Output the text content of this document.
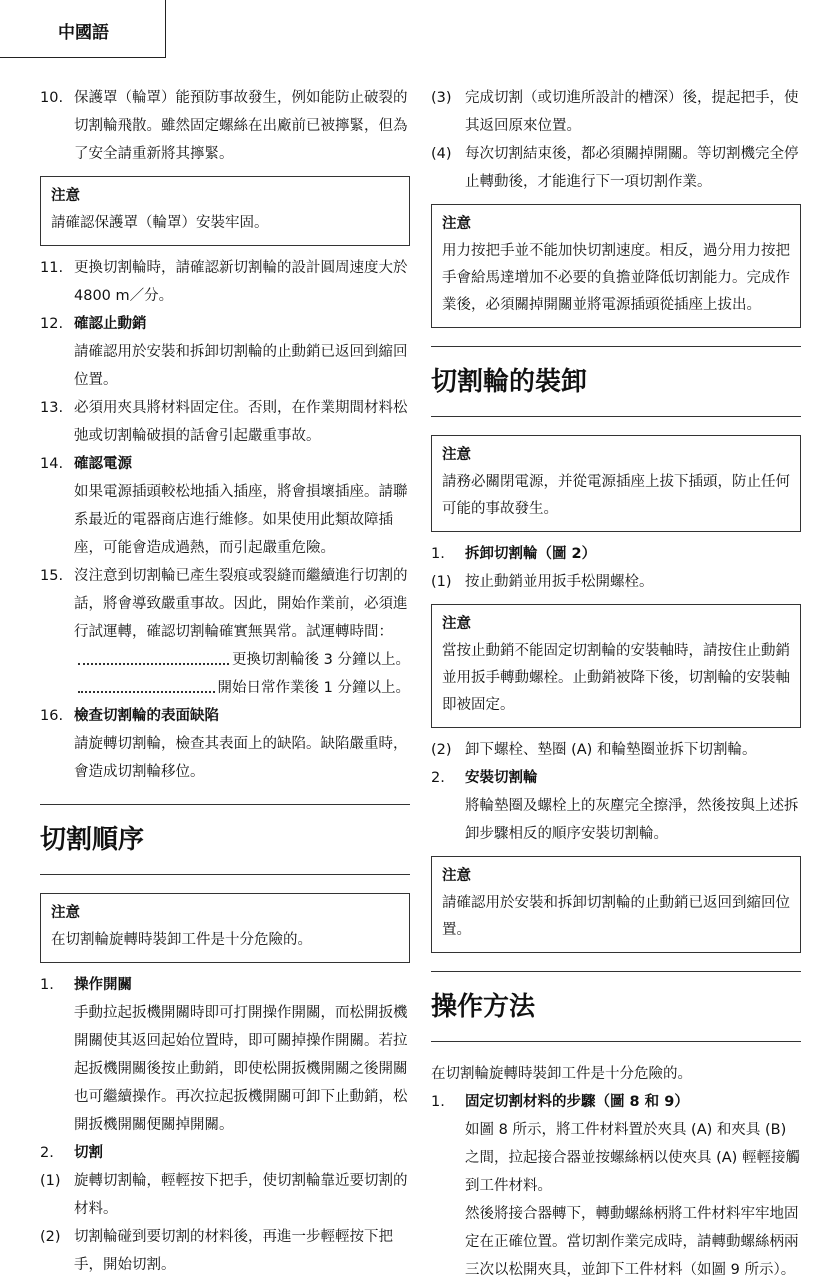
中國語
10. 保護罩（輪罩）能預防事故發生，例如能防止破裂的切割輪飛散。雖然固定螺絲在出廠前已被擰緊，但為了安全請重新將其擰緊。
注意
請確認保護罩（輪罩）安裝牢固。
11. 更換切割輪時，請確認新切割輪的設計圓周速度大於 4800 m／分。
12. 確認止動銷
請確認用於安裝和拆卸切割輪的止動銷已返回到縮回位置。
13. 必須用夾具將材料固定住。否則，在作業期間材料松弛或切割輪破損的話會引起嚴重事故。
14. 確認電源
如果電源插頭較松地插入插座，將會損壞插座。請聯系最近的電器商店進行維修。如果使用此類故障插座，可能會造成過熱，而引起嚴重危險。
15. 沒注意到切割輪已產生裂痕或裂縫而繼續進行切割的話，將會導致嚴重事故。因此，開始作業前，必須進行試運轉，確認切割輪確實無異常。試運轉時間：
更換切割輪後 3 分鐘以上。
開始日常作業後 1 分鐘以上。
16. 檢查切割輪的表面缺陷
請旋轉切割輪，檢查其表面上的缺陷。缺陷嚴重時，會造成切割輪移位。
切割順序
注意
在切割輪旋轉時裝卸工件是十分危險的。
1.	操作開關
手動拉起扳機開關時即可打開操作開關，而松開扳機開關使其返回起始位置時，即可關掉操作開關。若拉起扳機開關後按止動銷，即使松開扳機開關之後開關也可繼續操作。再次拉起扳機開關可卸下止動銷，松開扳機開關便關掉開關。
2.	切割
(1) 旋轉切割輪，輕輕按下把手，使切割輪靠近要切割的材料。
(2) 切割輪碰到要切割的材料後，再進一步輕輕按下把手，開始切割。
(3) 完成切割（或切進所設計的槽深）後，提起把手，使其返回原來位置。
(4) 每次切割結束後，都必須關掉開關。等切割機完全停止轉動後，才能進行下一項切割作業。
注意
用力按把手並不能加快切割速度。相反，過分用力按把手會給馬達增加不必要的負擔並降低切割能力。完成作業後，必須關掉開關並將電源插頭從插座上拔出。
切割輪的裝卸
注意
請務必關閉電源，并從電源插座上拔下插頭，防止任何可能的事故發生。
1.	拆卸切割輪（圖 2）
(1) 按止動銷並用扳手松開螺栓。
注意
當按止動銷不能固定切割輪的安裝軸時，請按住止動銷並用扳手轉動螺栓。止動銷被降下後，切割輪的安裝軸即被固定。
(2) 卸下螺栓、墊圈 (A) 和輪墊圈並拆下切割輪。
2.	安裝切割輪
將輪墊圈及螺栓上的灰塵完全擦淨，然後按與上述拆卸步驟相反的順序安裝切割輪。
注意
請確認用於安裝和拆卸切割輪的止動銷已返回到縮回位置。
操作方法
在切割輪旋轉時裝卸工件是十分危險的。
1.	固定切割材料的步驟（圖 8 和 9）
如圖 8 所示，將工件材料置於夾具 (A) 和夾具 (B) 之間，拉起接合器並按螺絲柄以使夾具 (A) 輕輕接觸到工件材料。
然後將接合器轉下，轉動螺絲柄將工件材料牢牢地固定在正確位置。當切割作業完成時，請轉動螺絲柄兩三次以松開夾具，並卸下工件材料（如圖 9 所示）。
